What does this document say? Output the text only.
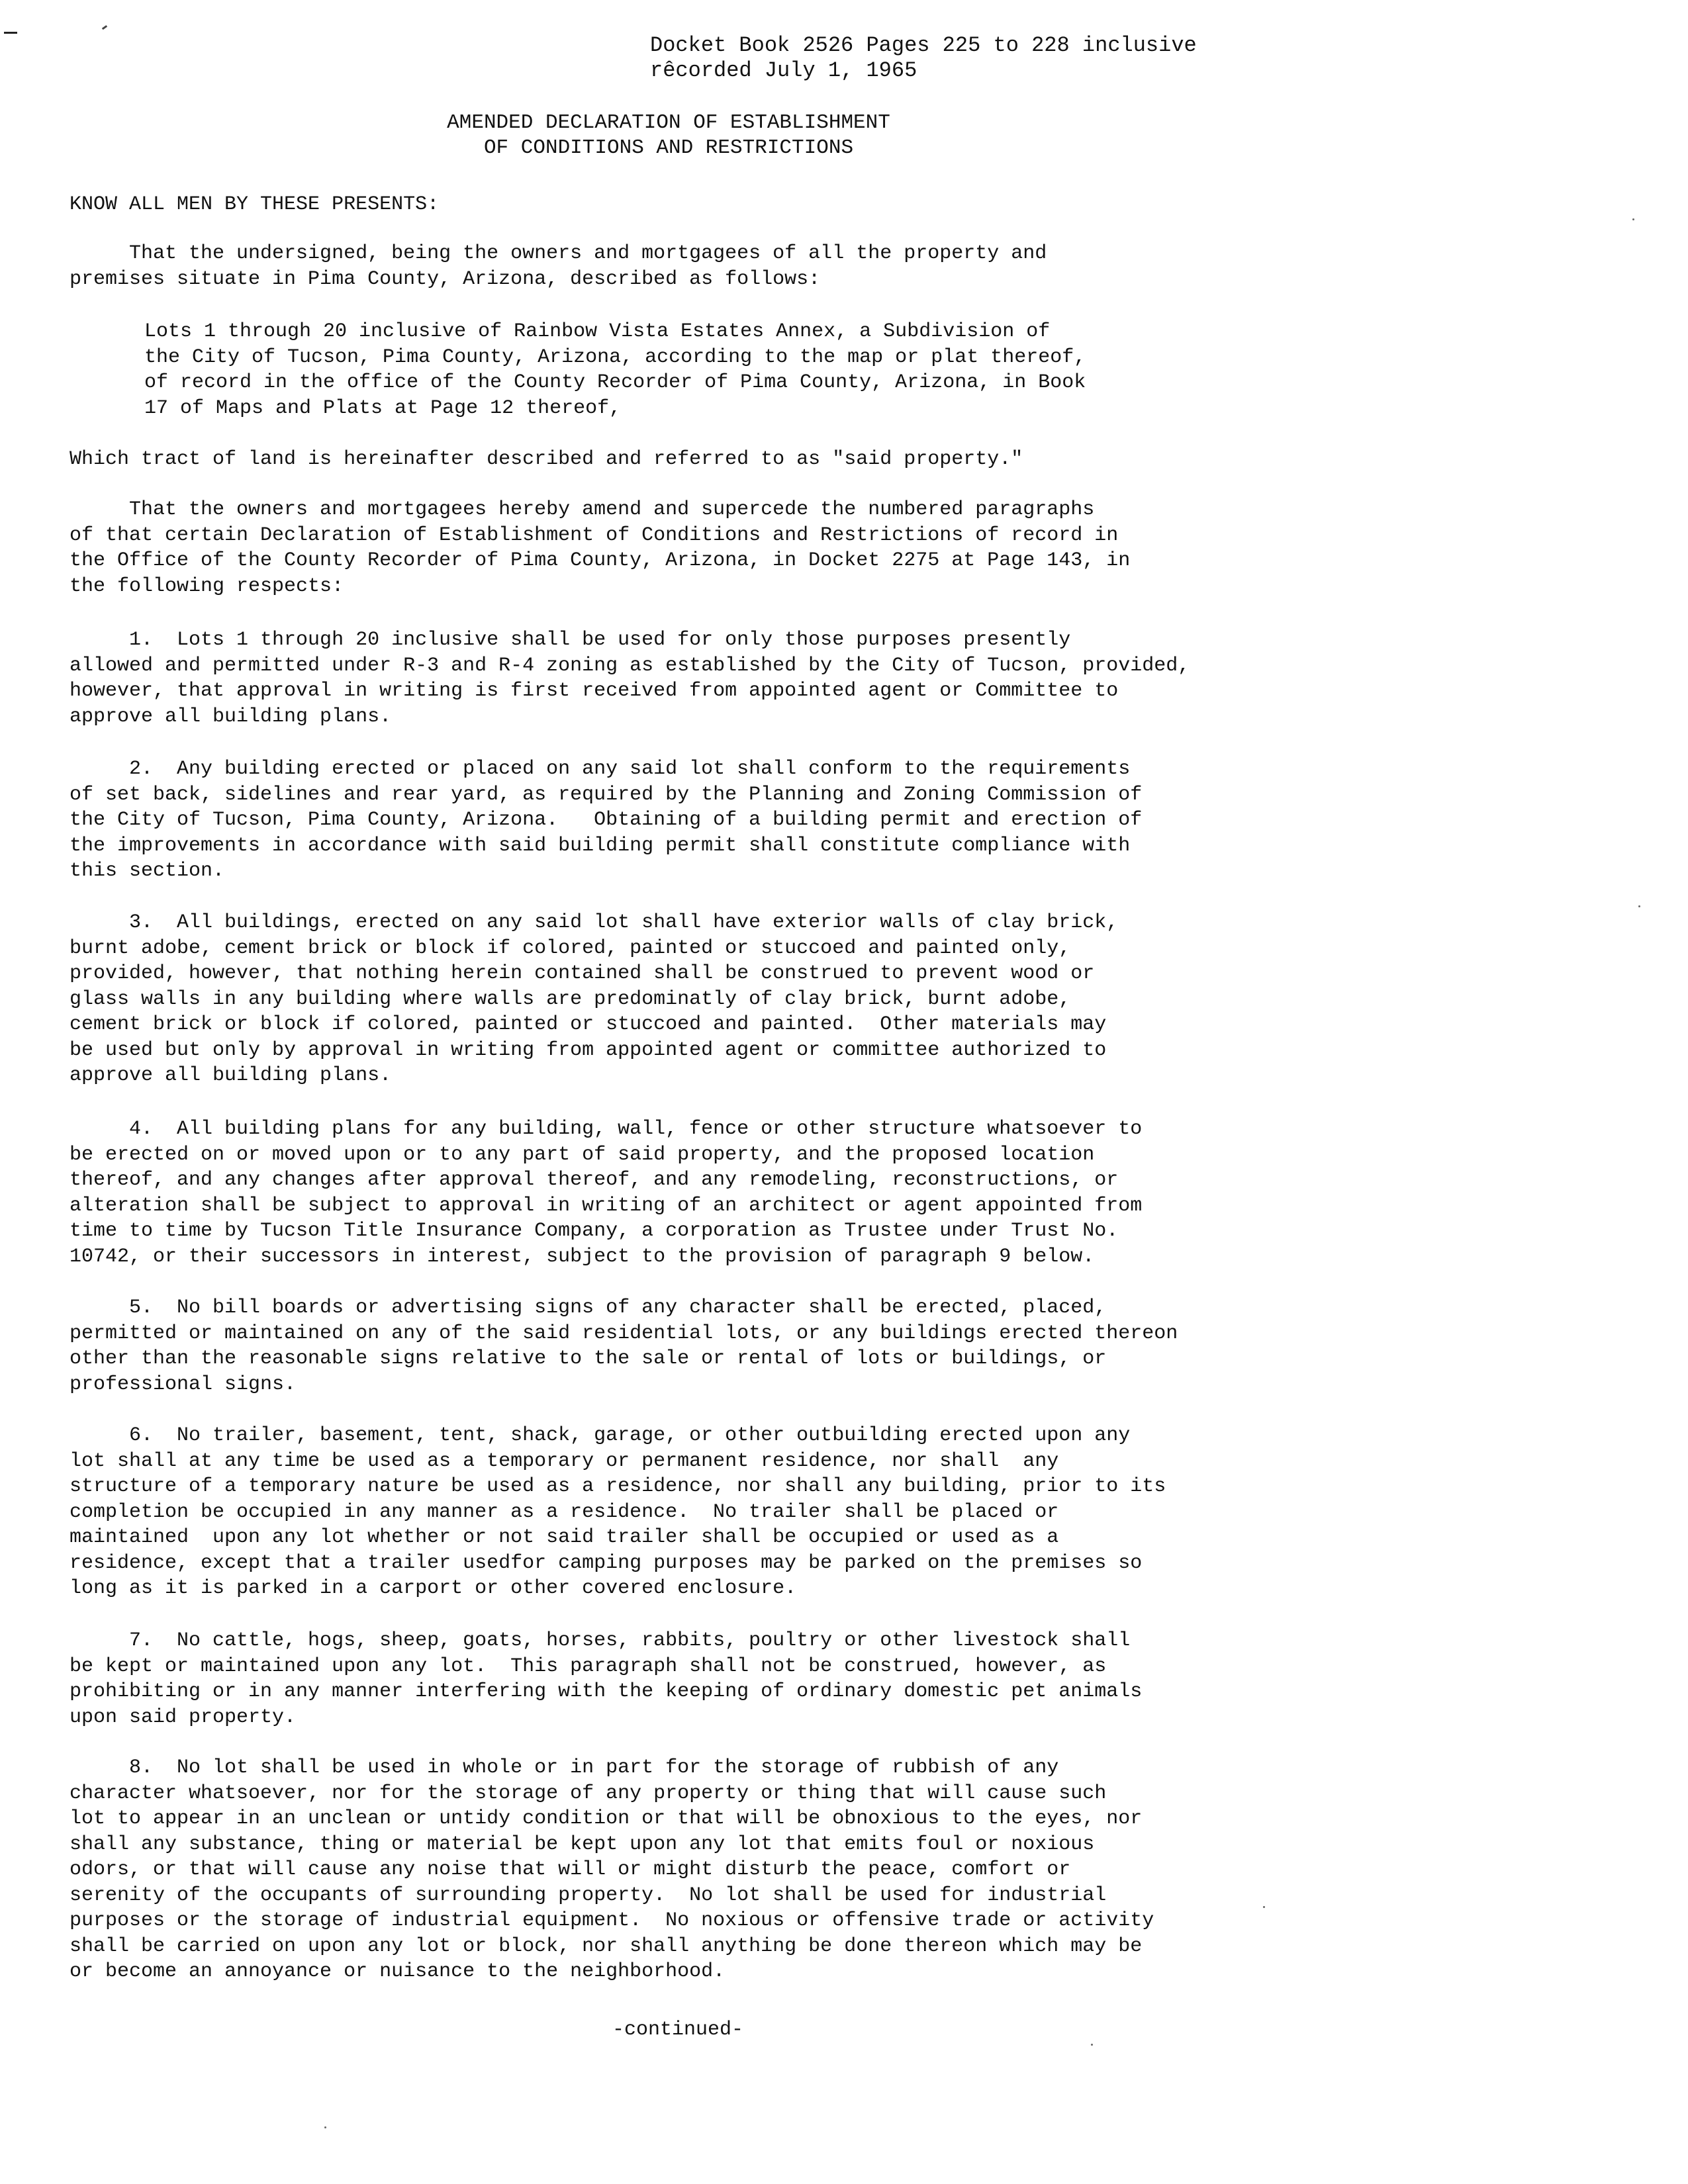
Docket Book 2526 Pages 225 to 228 inclusive
rêcorded July 1, 1965
AMENDED DECLARATION OF ESTABLISHMENT
OF CONDITIONS AND RESTRICTIONS
KNOW ALL MEN BY THESE PRESENTS:
That the undersigned, being the owners and mortgagees of all the property and
premises situate in Pima County, Arizona, described as follows:
Lots 1 through 20 inclusive of Rainbow Vista Estates Annex, a Subdivision of
the City of Tucson, Pima County, Arizona, according to the map or plat thereof,
of record in the office of the County Recorder of Pima County, Arizona, in Book
17 of Maps and Plats at Page 12 thereof,
Which tract of land is hereinafter described and referred to as "said property."
That the owners and mortgagees hereby amend and supercede the numbered paragraphs
of that certain Declaration of Establishment of Conditions and Restrictions of record in
the Office of the County Recorder of Pima County, Arizona, in Docket 2275 at Page 143, in
the following respects:
1.  Lots 1 through 20 inclusive shall be used for only those purposes presently
allowed and permitted under R-3 and R-4 zoning as established by the City of Tucson, provided,
however, that approval in writing is first received from appointed agent or Committee to
approve all building plans.
2.  Any building erected or placed on any said lot shall conform to the requirements
of set back, sidelines and rear yard, as required by the Planning and Zoning Commission of
the City of Tucson, Pima County, Arizona.   Obtaining of a building permit and erection of
the improvements in accordance with said building permit shall constitute compliance with
this section.
3.  All buildings, erected on any said lot shall have exterior walls of clay brick,
burnt adobe, cement brick or block if colored, painted or stuccoed and painted only,
provided, however, that nothing herein contained shall be construed to prevent wood or
glass walls in any building where walls are predominatly of clay brick, burnt adobe,
cement brick or block if colored, painted or stuccoed and painted.  Other materials may
be used but only by approval in writing from appointed agent or committee authorized to
approve all building plans.
4.  All building plans for any building, wall, fence or other structure whatsoever to
be erected on or moved upon or to any part of said property, and the proposed location
thereof, and any changes after approval thereof, and any remodeling, reconstructions, or
alteration shall be subject to approval in writing of an architect or agent appointed from
time to time by Tucson Title Insurance Company, a corporation as Trustee under Trust No.
10742, or their successors in interest, subject to the provision of paragraph 9 below.
5.  No bill boards or advertising signs of any character shall be erected, placed,
permitted or maintained on any of the said residential lots, or any buildings erected thereon
other than the reasonable signs relative to the sale or rental of lots or buildings, or
professional signs.
6.  No trailer, basement, tent, shack, garage, or other outbuilding erected upon any
lot shall at any time be used as a temporary or permanent residence, nor shall  any
structure of a temporary nature be used as a residence, nor shall any building, prior to its
completion be occupied in any manner as a residence.  No trailer shall be placed or
maintained  upon any lot whether or not said trailer shall be occupied or used as a
residence, except that a trailer usedfor camping purposes may be parked on the premises so
long as it is parked in a carport or other covered enclosure.
7.  No cattle, hogs, sheep, goats, horses, rabbits, poultry or other livestock shall
be kept or maintained upon any lot.  This paragraph shall not be construed, however, as
prohibiting or in any manner interfering with the keeping of ordinary domestic pet animals
upon said property.
8.  No lot shall be used in whole or in part for the storage of rubbish of any
character whatsoever, nor for the storage of any property or thing that will cause such
lot to appear in an unclean or untidy condition or that will be obnoxious to the eyes, nor
shall any substance, thing or material be kept upon any lot that emits foul or noxious
odors, or that will cause any noise that will or might disturb the peace, comfort or
serenity of the occupants of surrounding property.  No lot shall be used for industrial
purposes or the storage of industrial equipment.  No noxious or offensive trade or activity
shall be carried on upon any lot or block, nor shall anything be done thereon which may be
or become an annoyance or nuisance to the neighborhood.
-continued-
